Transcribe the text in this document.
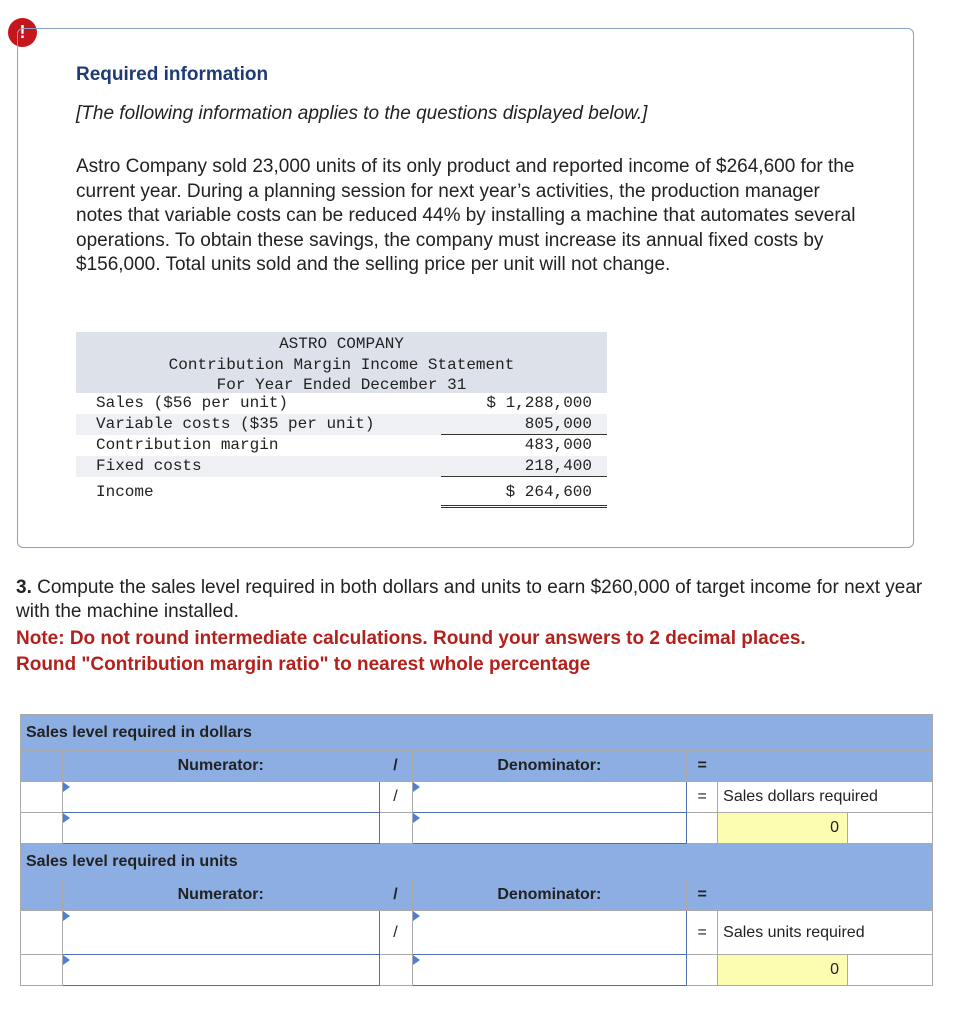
!
Required information
[The following information applies to the questions displayed below.]
Astro Company sold 23,000 units of its only product and reported income of $264,600 for the current year. During a planning session for next year’s activities, the production manager notes that variable costs can be reduced 44% by installing a machine that automates several operations. To obtain these savings, the company must increase its annual fixed costs by $156,000. Total units sold and the selling price per unit will not change.
ASTRO COMPANY
Contribution Margin Income Statement
For Year Ended December 31
Sales ($56 per unit)	$ 1,288,000
Variable costs ($35 per unit)	805,000
Contribution margin	483,000
Fixed costs	218,400
Income	$ 264,600
3. Compute the sales level required in both dollars and units to earn $260,000 of target income for next year with the machine installed.
Note: Do not round intermediate calculations. Round your answers to 2 decimal places.
Round "Contribution margin ratio" to nearest whole percentage
Sales level required in dollars						
	Numerator:	/	Denominator:	=		
		/		=	Sales dollars required	
					0	
Sales level required in units						
	Numerator:	/	Denominator:	=		
		/		=	Sales units required	
					0	
